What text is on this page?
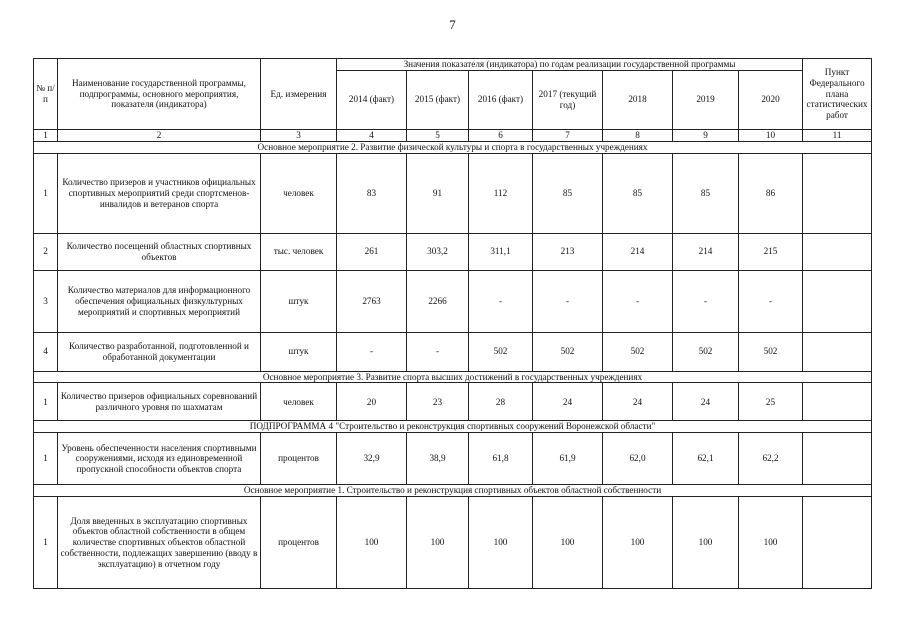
7
№ п/п	Наименование государственной программы, подпрограммы, основного мероприятия, показателя (индикатора)	Ед. измерения	Значения показателя (индикатора) по годам реализации государственной программы							Пункт Федерального плана статистических работ
			2014 (факт)	2015 (факт)	2016 (факт)	2017 (текущий год)	2018	2019	2020	
1	2	3	4	5	6	7	8	9	10	11
Основное мероприятие 2. Развитие физической культуры и спорта в государственных учреждениях										
1	Количество призеров и участников официальных спортивных мероприятий среди спортсменов-инвалидов и ветеранов спорта	человек	83	91	112	85	85	85	86	
2	Количество посещений областных спортивных объектов	тыс. человек	261	303,2	311,1	213	214	214	215	
3	Количество материалов для информационного обеспечения официальных физкультурных мероприятий и спортивных мероприятий	штук	2763	2266	-	-	-	-	-	
4	Количество разработанной, подготовленной и обработанной документации	штук	-	-	502	502	502	502	502	
Основное мероприятие 3. Развитие спорта высших достижений в государственных учреждениях										
1	Количество призеров официальных соревнований различного уровня по шахматам	человек	20	23	28	24	24	24	25	
ПОДПРОГРАММА 4 "Строительство и реконструкция спортивных сооружений Воронежской области"										
1	Уровень обеспеченности населения спортивными сооружениями, исходя из единовременной пропускной способности объектов спорта	процентов	32,9	38,9	61,8	61,9	62,0	62,1	62,2	
Основное мероприятие 1. Строительство и реконструкция спортивных объектов областной собственности										
1	Доля введенных в эксплуатацию спортивных объектов областной собственности в общем количестве спортивных объектов областной собственности, подлежащих завершению (вводу в эксплуатацию) в отчетном году	процентов	100	100	100	100	100	100	100	
